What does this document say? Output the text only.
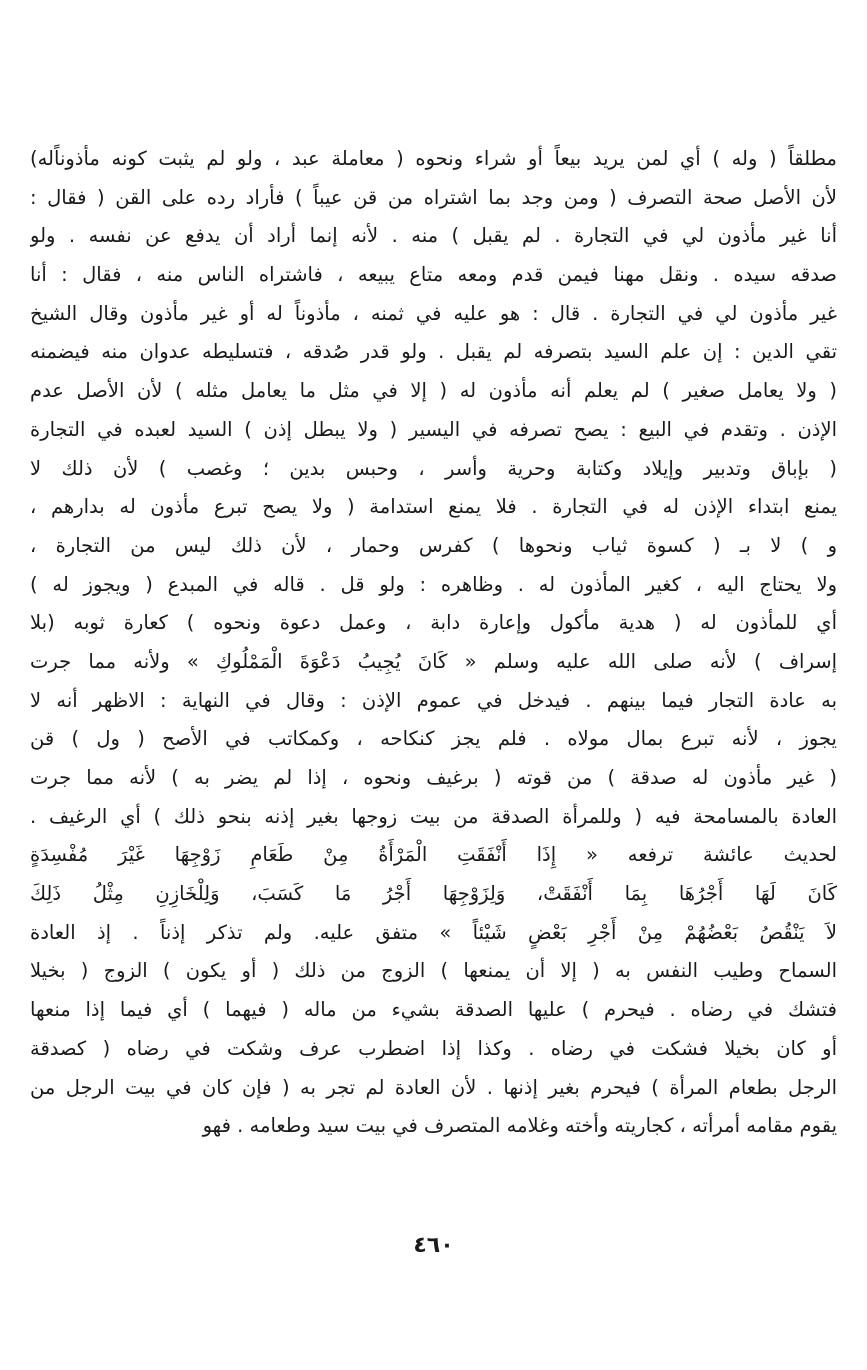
مطلقاً ( وله ) أي لمن يريد بيعاً أو شراء ونحوه ( معاملة عبد ، ولو لم يثبت كونه مأذوناًله)
لأن الأصل صحة التصرف ( ومن وجد بما اشتراه من قن عيباً ) فأراد رده على القن ( فقال :
أنا غير مأذون لي في التجارة . لم يقبل ) منه . لأنه إنما أراد أن يدفع عن نفسه . ولو
صدقه سيده . ونقل مهنا فيمن قدم ومعه متاع يبيعه ، فاشتراه الناس منه ، فقال : أنا
غير مأذون لي في التجارة . قال : هو عليه في ثمنه ، مأذوناً له أو غير مأذون وقال الشيخ
تقي الدين : إن علم السيد بتصرفه لم يقبل . ولو قدر صُدقه ، فتسليطه عدوان منه فيضمنه
( ولا يعامل صغير ) لم يعلم أنه مأذون له ( إلا في مثل ما يعامل مثله ) لأن الأصل عدم
الإذن . وتقدم في البيع : يصح تصرفه في اليسير ( ولا يبطل إذن ) السيد لعبده في التجارة
( بإباق وتدبير وإيلاد وكتابة وحرية وأسر ، وحبس بدين ؛ وغصب ) لأن ذلك لا
يمنع ابتداء الإذن له في التجارة . فلا يمنع استدامة ( ولا يصح تبرع مأذون له بدارهم ،
و ) لا بـ ( كسوة ثياب ونحوها ) كفرس وحمار ، لأن ذلك ليس من التجارة ،
ولا يحتاج اليه ، كغير المأذون له . وظاهره : ولو قل . قاله في المبدع ( ويجوز له )
أي للمأذون له ( هدية مأكول وإعارة دابة ، وعمل دعوة ونحوه ) كعارة ثوبه (بلا
إسراف ) لأنه صلى الله عليه وسلم « كَانَ يُجِيبُ دَعْوَةَ الْمَمْلُوكِ » ولأنه مما جرت
به عادة التجار فيما بينهم . فيدخل في عموم الإذن : وقال في النهاية : الاظهر أنه لا
يجوز ، لأنه تبرع بمال مولاه . فلم يجز كنكاحه ، وكمكاتب في الأصح ( ول ) قن
( غير مأذون له صدقة ) من قوته ( برغيف ونحوه ، إذا لم يضر به ) لأنه مما جرت
العادة بالمسامحة فيه ( وللمرأة الصدقة من بيت زوجها بغير إذنه بنحو ذلك ) أي الرغيف .
لحديث عائشة ترفعه « إِذَا أَنْفَقَتِ الْمَرْأَةُ مِنْ طَعَامِ زَوْجِهَا غَيْرَ مُفْسِدَةٍ
كَانَ لَهَا أَجْرُهَا بِمَا أَنْفَقَتْ، وَلِزَوْجِهَا أَجْرُ مَا كَسَبَ، وَلِلْخَازِنِ مِثْلُ ذَلِكَ
لاَ يَنْقُصُ بَعْضُهُمْ مِنْ أَجْرِ بَعْضٍ شَيْئاً » متفق عليه. ولم تذكر إذناً . إذ العادة
السماح وطيب النفس به ( إلا أن يمنعها ) الزوج من ذلك ( أو يكون ) الزوج ( بخيلا
فتشك في رضاه . فيحرم ) عليها الصدقة بشيء من ماله ( فيهما ) أي فيما إذا منعها
أو كان بخيلا فشكت في رضاه . وكذا إذا اضطرب عرف وشكت في رضاه ( كصدقة
الرجل بطعام المرأة ) فيحرم بغير إذنها . لأن العادة لم تجر به ( فإن كان في بيت الرجل من
يقوم مقامه أمرأته ، كجاريته وأخته وغلامه المتصرف في بيت سيد وطعامه . فهو
٤٦٠
